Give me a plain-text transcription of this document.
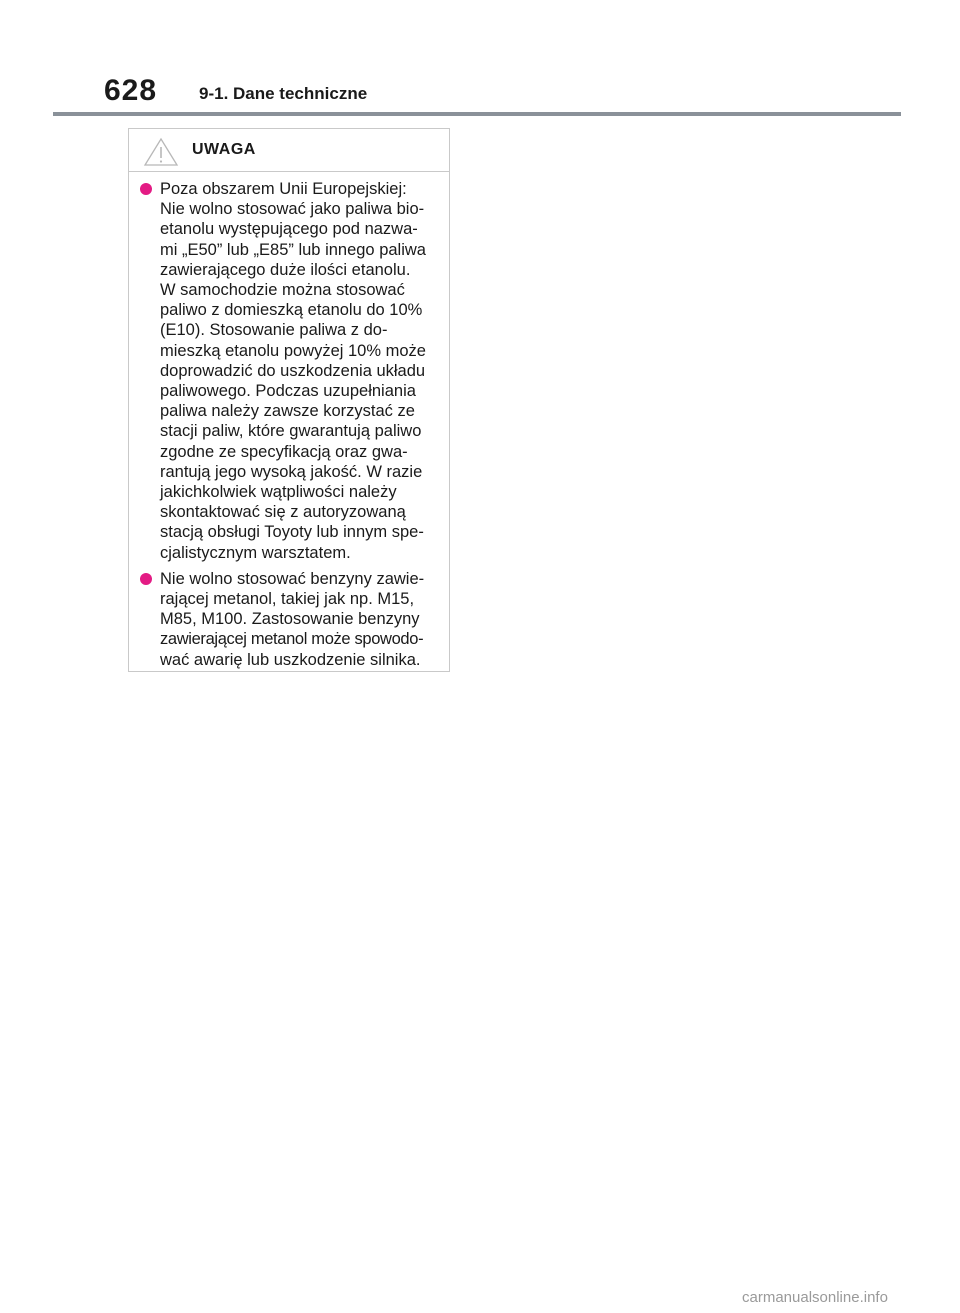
628 9-1. Dane techniczne
UWAGA
Poza obszarem Unii Europejskiej:
Nie wolno stosować jako paliwa bio-
etanolu występującego pod nazwa-
mi „E50” lub „E85” lub innego paliwa
zawierającego duże ilości etanolu.
W samochodzie można stosować
paliwo z domieszką etanolu do 10%
(E10). Stosowanie paliwa z do-
mieszką etanolu powyżej 10% może
doprowadzić do uszkodzenia układu
paliwowego. Podczas uzupełniania
paliwa należy zawsze korzystać ze
stacji paliw, które gwarantują paliwo
zgodne ze specyfikacją oraz gwa-
rantują jego wysoką jakość. W razie
jakichkolwiek wątpliwości należy
skontaktować się z autoryzowaną
stacją obsługi Toyoty lub innym spe-
cjalistycznym warsztatem.
Nie wolno stosować benzyny zawie-
rającej metanol, takiej jak np. M15,
M85, M100. Zastosowanie benzyny
zawierającej metanol może spowodo-
wać awarię lub uszkodzenie silnika.
carmanualsonline.info
